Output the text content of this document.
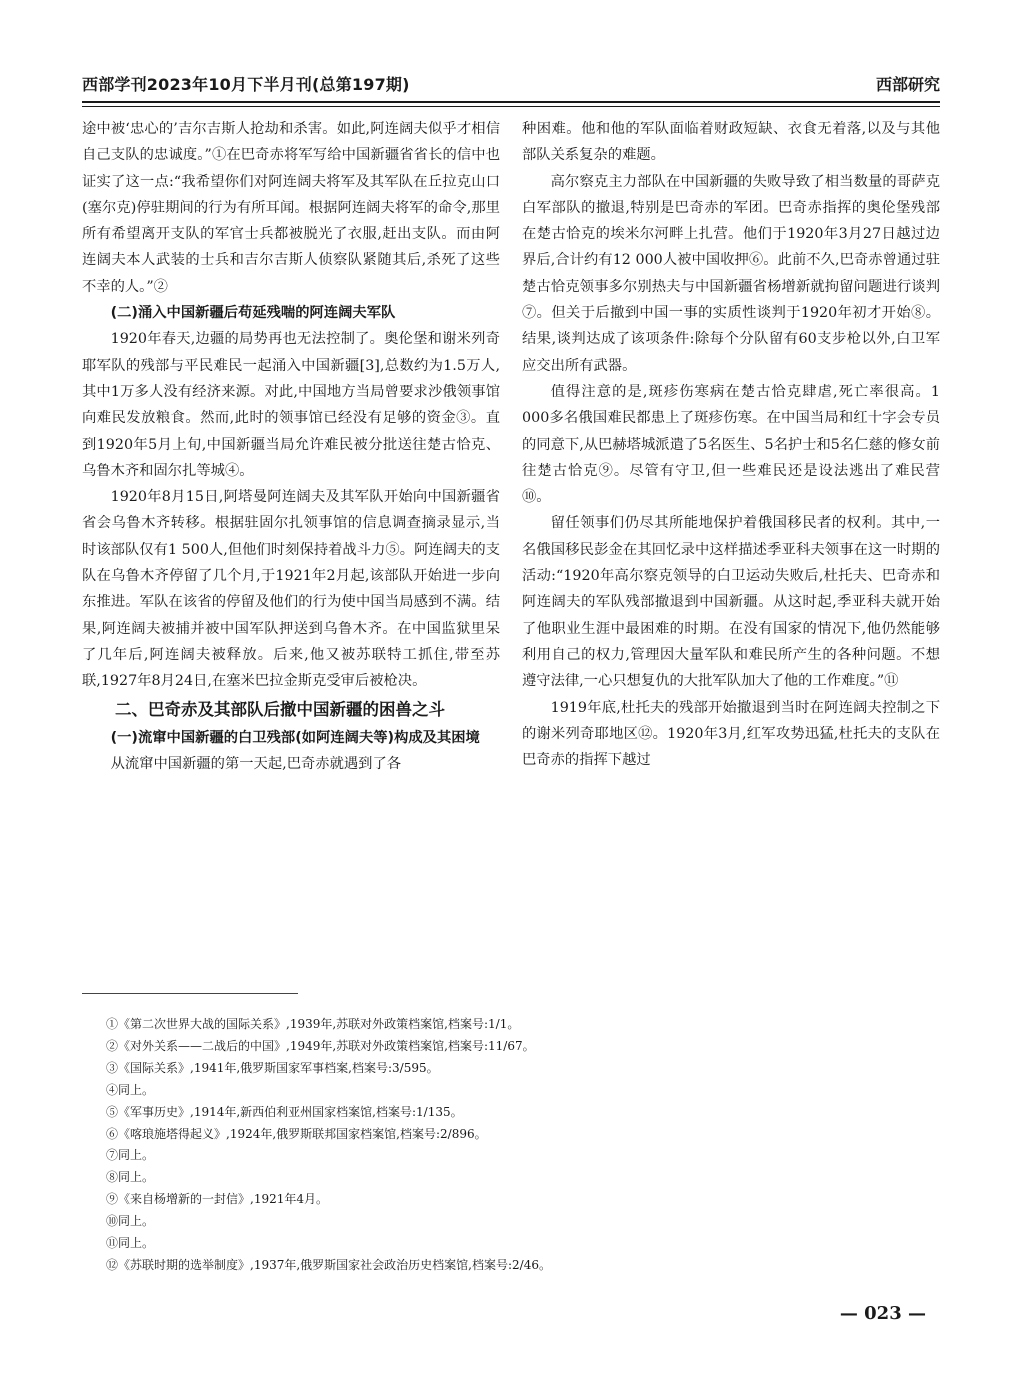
西部学刊2023年10月下半月刊(总第197期)	西部研究

途中被‘忠心的’吉尔吉斯人抢劫和杀害。如此,阿连阔夫似乎才相信自己支队的忠诚度。”①在巴奇赤将军写给中国新疆省省长的信中也证实了这一点:“我希望你们对阿连阔夫将军及其军队在丘拉克山口(塞尔克)停驻期间的行为有所耳闻。根据阿连阔夫将军的命令,那里所有希望离开支队的军官士兵都被脱光了衣服,赶出支队。而由阿连阔夫本人武装的士兵和吉尔吉斯人侦察队紧随其后,杀死了这些不幸的人。”②

(二)涌入中国新疆后苟延残喘的阿连阔夫军队

1920年春天,边疆的局势再也无法控制了。奥伦堡和谢米列奇耶军队的残部与平民难民一起涌入中国新疆[3],总数约为1.5万人,其中1万多人没有经济来源。对此,中国地方当局曾要求沙俄领事馆向难民发放粮食。然而,此时的领事馆已经没有足够的资金③。直到1920年5月上旬,中国新疆当局允许难民被分批送往楚古恰克、乌鲁木齐和固尔扎等城④。

1920年8月15日,阿塔曼阿连阔夫及其军队开始向中国新疆省省会乌鲁木齐转移。根据驻固尔扎领事馆的信息调查摘录显示,当时该部队仅有1 500人,但他们时刻保持着战斗力⑤。阿连阔夫的支队在乌鲁木齐停留了几个月,于1921年2月起,该部队开始进一步向东推进。军队在该省的停留及他们的行为使中国当局感到不满。结果,阿连阔夫被捕并被中国军队押送到乌鲁木齐。在中国监狱里呆了几年后,阿连阔夫被释放。后来,他又被苏联特工抓住,带至苏联,1927年8月24日,在塞米巴拉金斯克受审后被枪决。

二、巴奇赤及其部队后撤中国新疆的困兽之斗
(一)流窜中国新疆的白卫残部(如阿连阔夫等)构成及其困境

从流窜中国新疆的第一天起,巴奇赤就遇到了各

种困难。他和他的军队面临着财政短缺、衣食无着落,以及与其他部队关系复杂的难题。

高尔察克主力部队在中国新疆的失败导致了相当数量的哥萨克白军部队的撤退,特别是巴奇赤的军团。巴奇赤指挥的奥伦堡残部在楚古恰克的埃米尔河畔上扎营。他们于1920年3月27日越过边界后,合计约有12 000人被中国收押⑥。此前不久,巴奇赤曾通过驻楚古恰克领事多尔别热夫与中国新疆省杨增新就拘留问题进行谈判⑦。但关于后撤到中国一事的实质性谈判于1920年初才开始⑧。结果,谈判达成了该项条件:除每个分队留有60支步枪以外,白卫军应交出所有武器。

值得注意的是,斑疹伤寒病在楚古恰克肆虐,死亡率很高。1 000多名俄国难民都患上了斑疹伤寒。在中国当局和红十字会专员的同意下,从巴赫塔城派遣了5名医生、5名护士和5名仁慈的修女前往楚古恰克⑨。尽管有守卫,但一些难民还是设法逃出了难民营⑩。

留任领事们仍尽其所能地保护着俄国移民者的权利。其中,一名俄国移民彭金在其回忆录中这样描述季亚科夫领事在这一时期的活动:“1920年高尔察克领导的白卫运动失败后,杜托夫、巴奇赤和阿连阔夫的军队残部撤退到中国新疆。从这时起,季亚科夫就开始了他职业生涯中最困难的时期。在没有国家的情况下,他仍然能够利用自己的权力,管理因大量军队和难民所产生的各种问题。不想遵守法律,一心只想复仇的大批军队加大了他的工作难度。”⑪

1919年底,杜托夫的残部开始撤退到当时在阿连阔夫控制之下的谢米列奇耶地区⑫。1920年3月,红军攻势迅猛,杜托夫的支队在巴奇赤的指挥下越过

①《第二次世界大战的国际关系》,1939年,苏联对外政策档案馆,档案号:1/1。
②《对外关系——二战后的中国》,1949年,苏联对外政策档案馆,档案号:11/67。
③《国际关系》,1941年,俄罗斯国家军事档案,档案号:3/595。
④同上。
⑤《军事历史》,1914年,新西伯利亚州国家档案馆,档案号:1/135。
⑥《喀琅施塔得起义》,1924年,俄罗斯联邦国家档案馆,档案号:2/896。
⑦同上。
⑧同上。
⑨《来自杨增新的一封信》,1921年4月。
⑩同上。
⑪同上。
⑫《苏联时期的选举制度》,1937年,俄罗斯国家社会政治历史档案馆,档案号:2/46。
— 023 —
